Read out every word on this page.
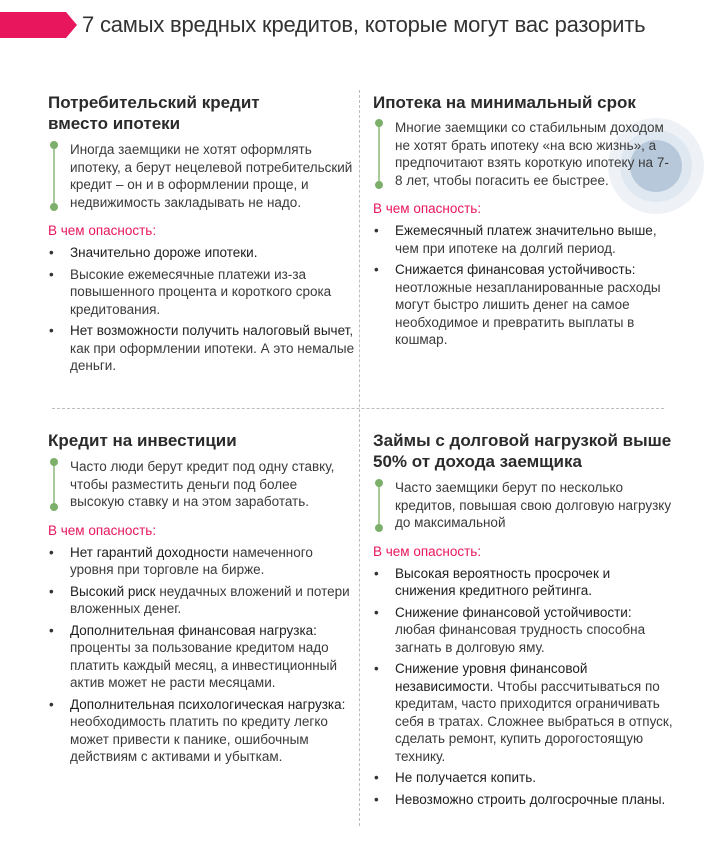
7 самых вредных кредитов, которые могут вас разорить
Потребительский кредит вместо ипотеки
Иногда заемщики не хотят оформлять ипотеку, а берут нецелевой потребительский кредит – он и в оформлении проще, и недвижимость закладывать не надо.
В чем опасность:
• Значительно дороже ипотеки.
• Высокие ежемесячные платежи из-за повышенного процента и короткого срока кредитования.
• Нет возможности получить налоговый вычет, как при оформлении ипотеки. А это немалые деньги.
Ипотека на минимальный срок
Многие заемщики со стабильным доходом не хотят брать ипотеку «на всю жизнь», а предпочитают взять короткую ипотеку на 7-8 лет, чтобы погасить ее быстрее.
В чем опасность:
• Ежемесячный платеж значительно выше, чем при ипотеке на долгий период.
• Снижается финансовая устойчивость: неотложные незапланированные расходы могут быстро лишить денег на самое необходимое и превратить выплаты в кошмар.
Кредит на инвестиции
Часто люди берут кредит под одну ставку, чтобы разместить деньги под более высокую ставку и на этом заработать.
В чем опасность:
• Нет гарантий доходности намеченного уровня при торговле на бирже.
• Высокий риск неудачных вложений и потери вложенных денег.
• Дополнительная финансовая нагрузка: проценты за пользование кредитом надо платить каждый месяц, а инвестиционный актив может не расти месяцами.
• Дополнительная психологическая нагрузка: необходимость платить по кредиту легко может привести к панике, ошибочным действиям с активами и убыткам.
Займы с долговой нагрузкой выше 50% от дохода заемщика
Часто заемщики берут по несколько кредитов, повышая свою долговую нагрузку до максимальной
В чем опасность:
• Высокая вероятность просрочек и снижения кредитного рейтинга.
• Снижение финансовой устойчивости: любая финансовая трудность способна загнать в долговую яму.
• Снижение уровня финансовой независимости. Чтобы рассчитываться по кредитам, часто приходится ограничивать себя в тратах. Сложнее выбраться в отпуск, сделать ремонт, купить дорогостоящую технику.
• Не получается копить.
• Невозможно строить долгосрочные планы.
